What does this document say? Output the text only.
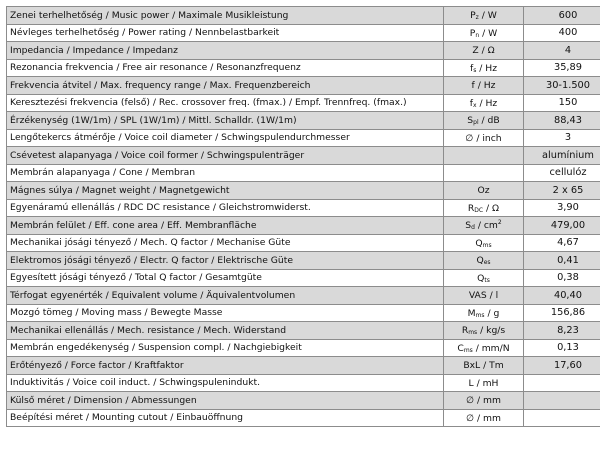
Zenei terhelhetőség / Music power / Maximale Musikleistung	$P_z$ / W	600
Névleges terhelhetőség / Power rating / Nennbelastbarkeit	$P_n$ / W	400
Impedancia / Impedance / Impedanz	Z / Ω	4
Rezonancia frekvencia / Free air resonance / Resonanzfrequenz	$f_s$ / Hz	35,89
Frekvencia átvitel / Max. frequency range / Max. Frequenzbereich	f / Hz	30-1.500
Keresztezési frekvencia (felső) / Rec. crossover freq. (fmax.) / Empf. Trennfreq. (fmax.)	$f_x$ / Hz	150
Érzékenység (1W/1m) / SPL (1W/1m) / Mittl. Schalldr. (1W/1m)	$S_{pl}$ / dB	88,43
Lengőtekercs átmérője / Voice coil diameter / Schwingspulendurchmesser	∅ / inch	3
Csévetest alapanyaga / Voice coil former / Schwingspulenträger		alumínium
Membrán alapanyaga / Cone / Membran		cellulóz
Mágnes súlya / Magnet weight / Magnetgewicht	Oz	2 x 65
Egyenáramú ellenállás / RDC DC resistance / Gleichstromwiderst.	$R_{DC}$ / Ω	3,90
Membrán felület / Eff. cone area / Eff. Membranfläche	$S_d / cm^2$	479,00
Mechanikai jósági tényező / Mech. Q factor / Mechanise Güte	$Q_{ms}$	4,67
Elektromos jósági tényező / Electr. Q factor / Elektrische Güte	$Q_{es}$	0,41
Egyesített jósági tényező / Total Q factor / Gesamtgüte	$Q_{ts}$	0,38
Térfogat egyenérték / Equivalent volume / Äquivalentvolumen	VAS / l	40,40
Mozgó tömeg / Moving mass / Bewegte Masse	$M_{ms}$ / g	156,86
Mechanikai ellenállás / Mech. resistance / Mech. Widerstand	$R_{ms} / kg/s$	8,23
Membrán engedékenység / Suspension compl. / Nachgiebigkeit	$C_{ms} / mm/N$	0,13
Erőtényező / Force factor / Kraftfaktor	BxL / Tm	17,60
Induktivitás / Voice coil induct. / Schwingspulenindukt.	L / mH	
Külső méret / Dimension / Abmessungen	∅ / mm	
Beépítési méret / Mounting cutout / Einbauöffnung	∅ / mm	
